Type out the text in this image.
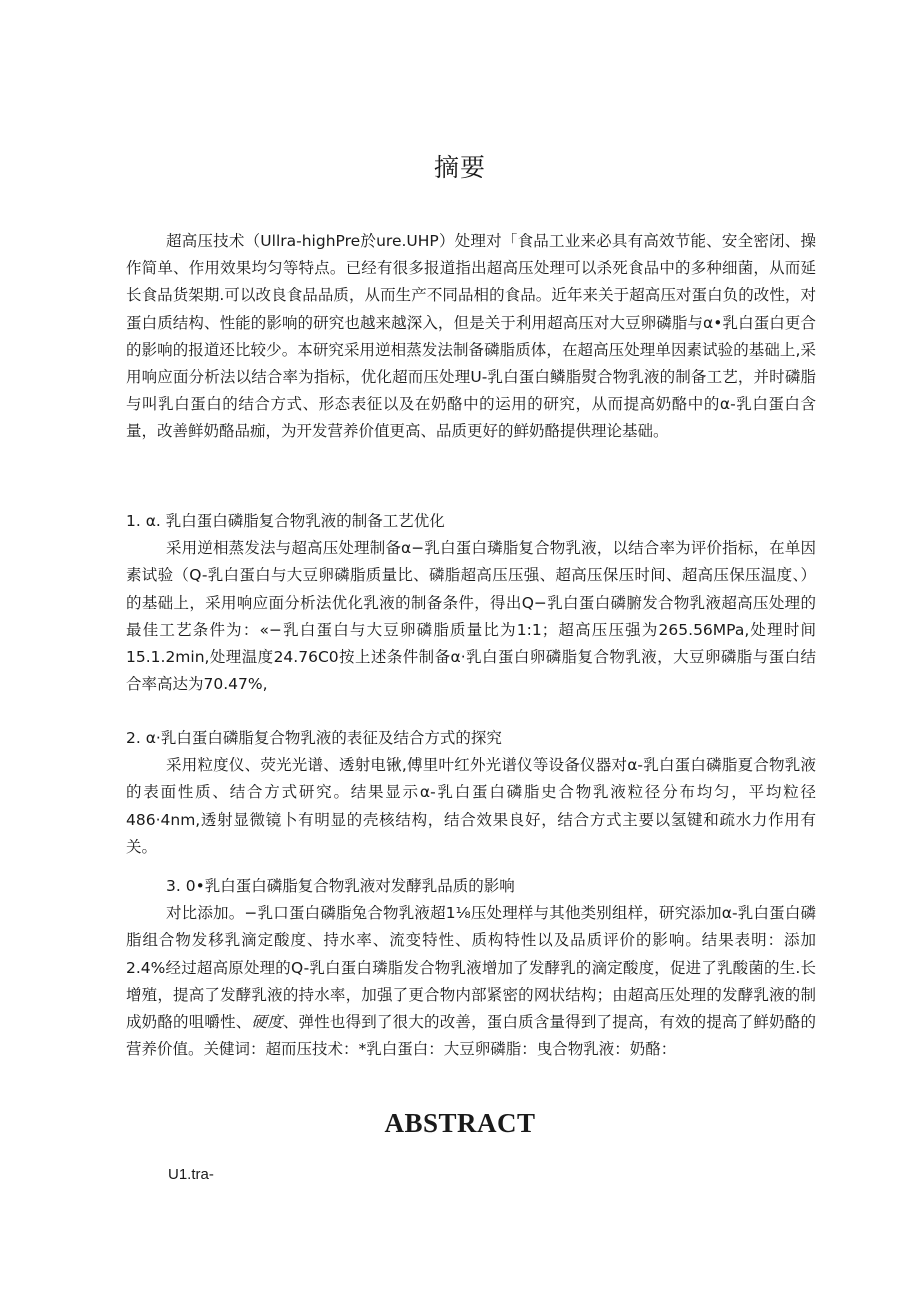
摘要
超高压技术（Ullra-highPre於ure.UHP）处理对「食品工业来必具有高效节能、安全密闭、操作简单、作用效果均匀等特点。已经有很多报道指出超高压处理可以杀死食品中的多种细菌，从而延长食品货架期.可以改良食品品质，从而生产不同品相的食品。近年来关于超高压对蛋白负的改性，对蛋白质结构、性能的影响的研究也越来越深入，但是关于利用超高压对大豆卵磷脂与α•乳白蛋白更合的影响的报道还比较少。本研究采用逆相蒸发法制备磷脂质体，在超高压处理单因素试验的基础上,采用响应面分析法以结合率为指标，优化超而压处理U-乳白蛋白鳞脂熨合物乳液的制备工艺，并时磷脂与叫乳白蛋白的结合方式、形态表征以及在奶酪中的运用的研究，从而提高奶酪中的α-乳白蛋白含量，改善鲜奶酪品痂，为开发营养价值更高、品质更好的鲜奶酪提供理论基础。
1. α. 乳白蛋白磷脂复合物乳液的制备工艺优化
采用逆相蒸发法与超高压处理制备α−乳白蛋白璘脂复合物乳液，以结合率为评价指标，在单因素试验（Q-乳白蛋白与大豆卵磷脂质量比、磷脂超高压压强、超高压保压时间、超高压保压温度、）的基础上，采用响应面分析法优化乳液的制备条件，得出Q−乳白蛋白磷腑发合物乳液超高压处理的最佳工艺条件为：«−乳白蛋白与大豆卵磷脂质量比为1:1；超高压压强为265.56MPa,处理时间15.1.2min,处理温度24.76C0按上述条件制备α·乳白蛋白卵磷脂复合物乳液，大豆卵磷脂与蛋白结合率高达为70.47%,
2. α·乳白蛋白磷脂复合物乳液的表征及结合方式的探究
采用粒度仪、荧光光谱、透射电锹,傅里叶红外光谱仪等设备仪器对α-乳白蛋白磷脂夏合物乳液的表面性质、结合方式研究。结果显示α-乳白蛋白磷脂史合物乳液粒径分布均匀，平均粒径486·4nm,透射显微镜卜有明显的壳核结构，结合效果良好，结合方式主要以氢键和疏水力作用有关。
3. 0•乳白蛋白磷脂复合物乳液对发酵乳品质的影响
对比添加。−乳口蛋白磷脂兔合物乳液超1⅛压处理样与其他类别组样，研究添加α-乳白蛋白磷脂组合物发移乳滴定酸度、持水率、流变特性、质构特性以及品质评价的影响。结果表明：添加2.4%经过超高原处理的Q-乳白蛋白璘脂发合物乳液增加了发酵乳的滴定酸度，促进了乳酸菌的生.长增殖，提高了发酵乳液的持水率，加强了更合物内部紧密的网状结构；由超高压处理的发酵乳液的制成奶酪的咀嚼性、硬度、弹性也得到了很大的改善，蛋白质含量得到了提高，有效的提高了鲜奶酪的营养价值。关健词：超而压技术：*乳白蛋白：大豆卵磷脂：曳合物乳液：奶酪：
ABSTRACT
U1.tra-
